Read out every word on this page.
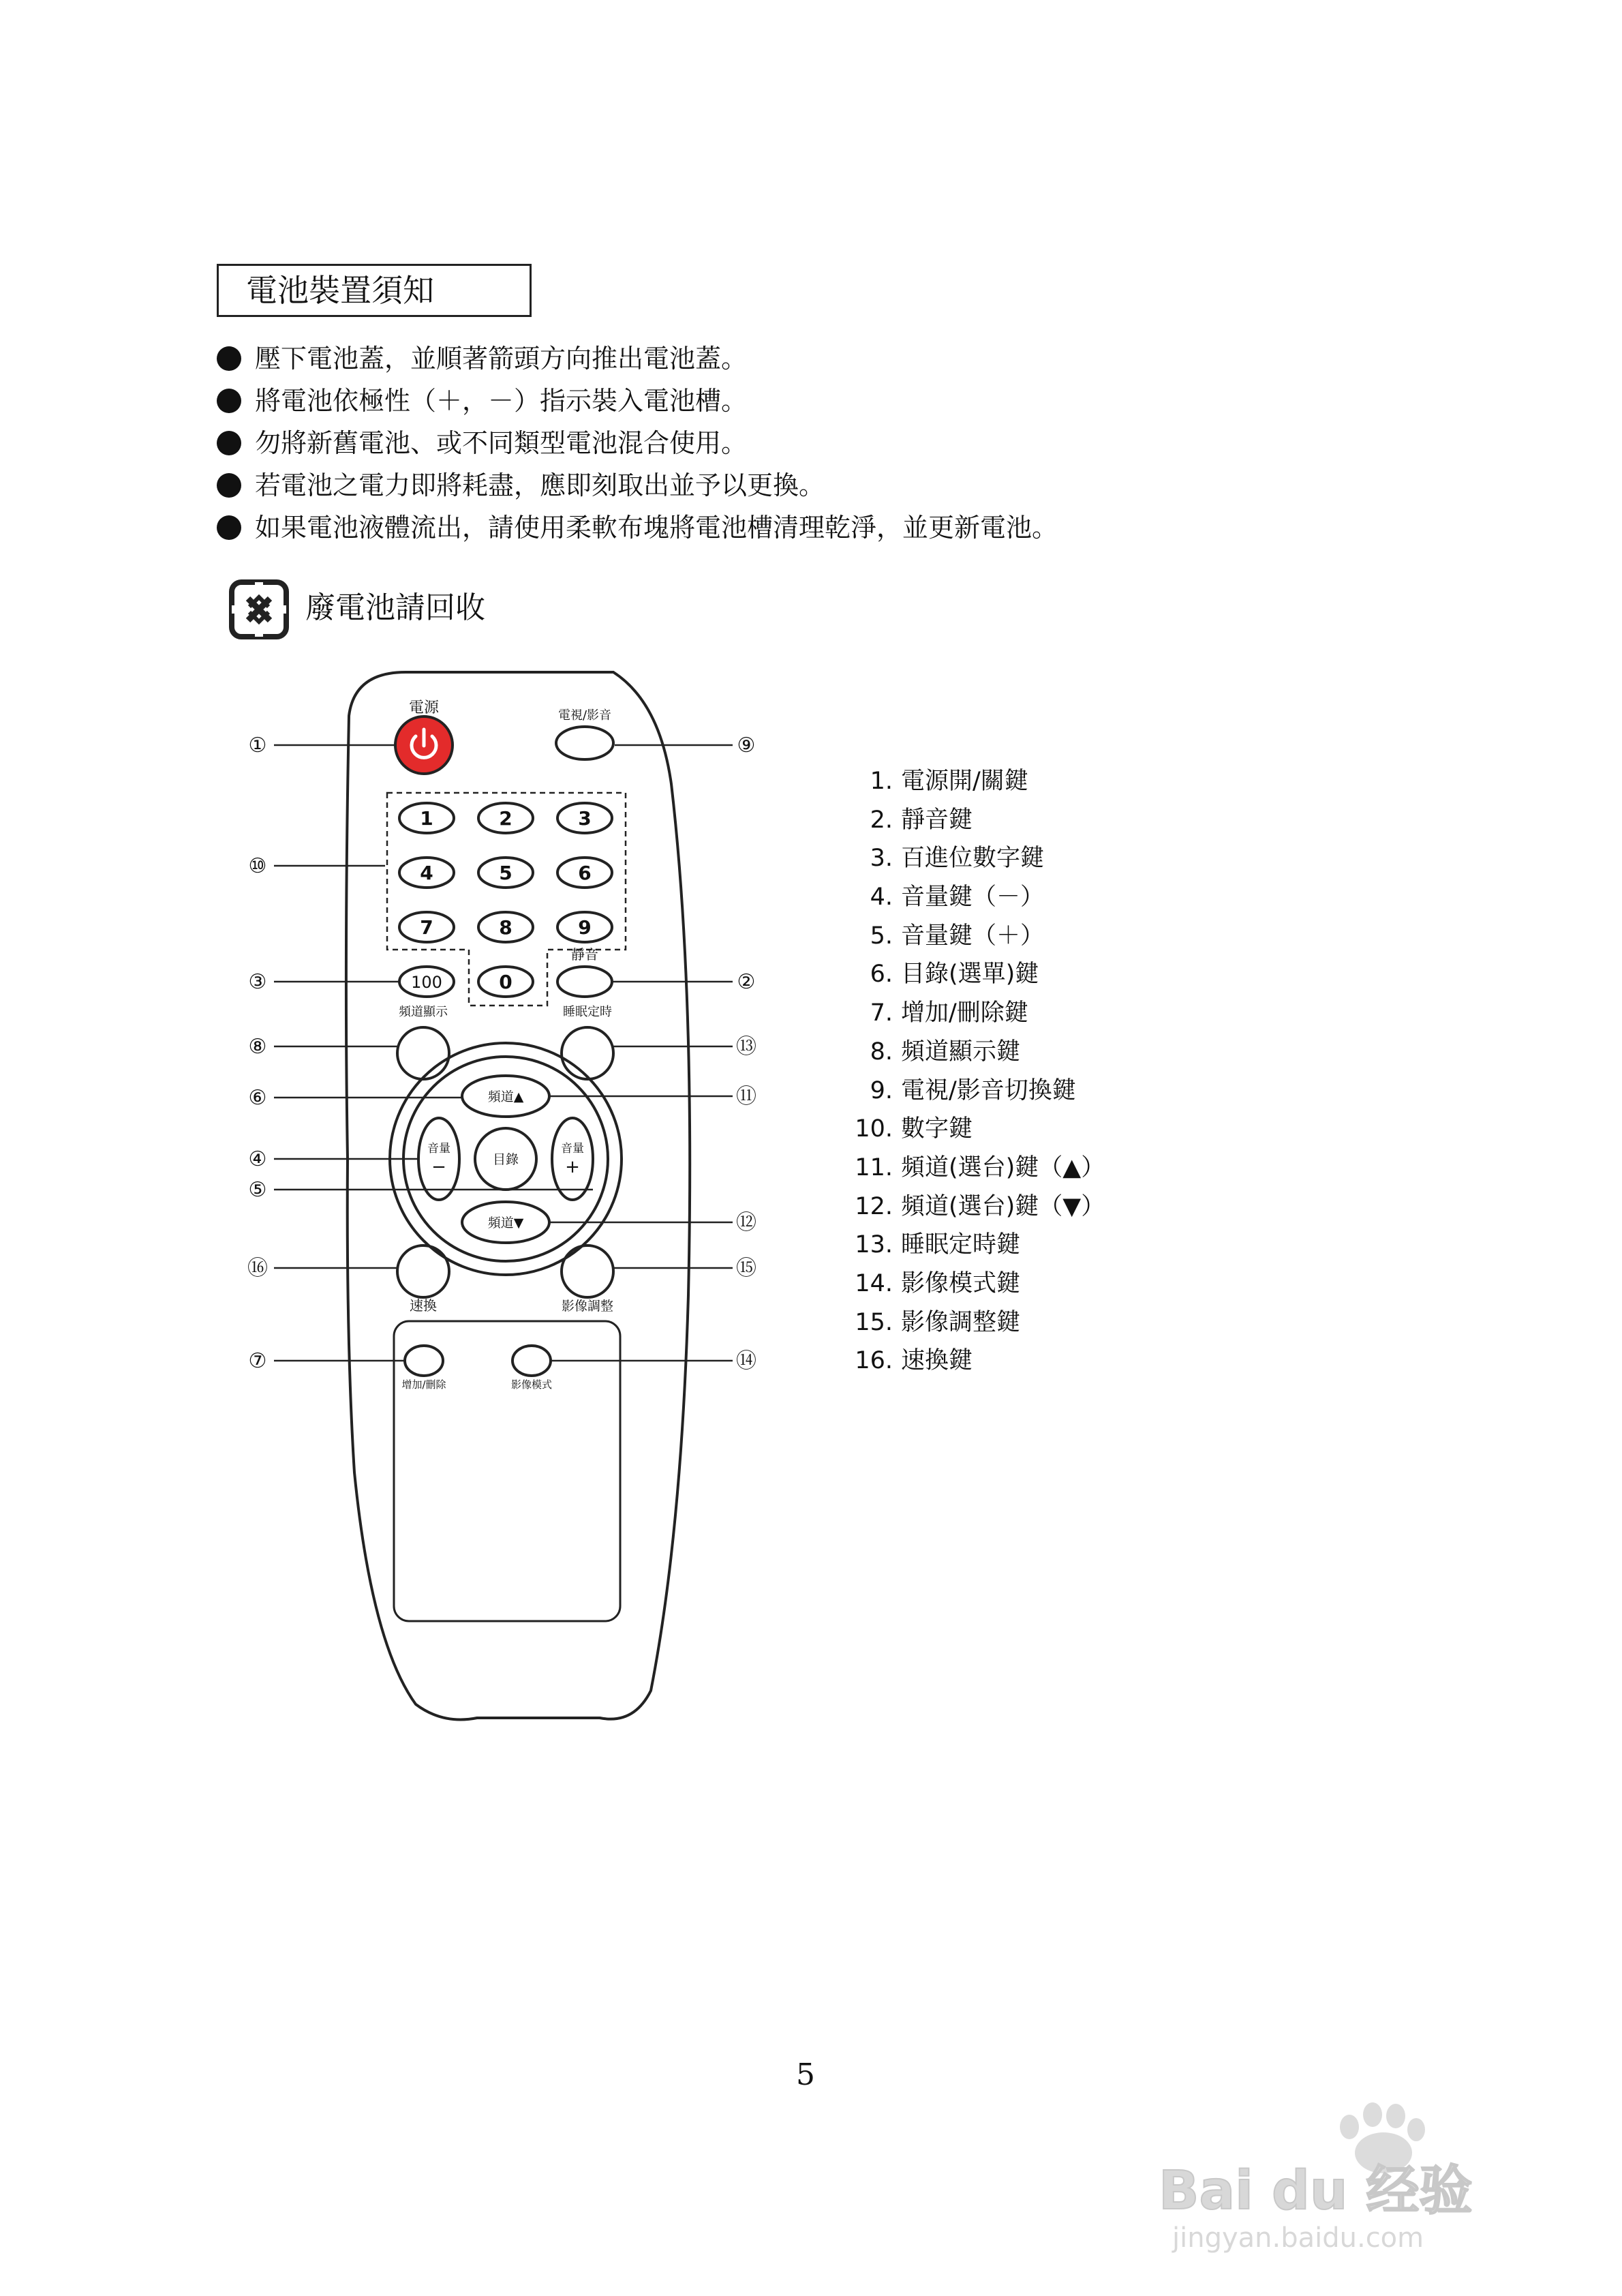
電池裝置須知
壓下電池蓋，並順著箭頭方向推出電池蓋。
將電池依極性（＋，－）指示裝入電池槽。
勿將新舊電池、或不同類型電池混合使用。
若電池之電力即將耗盡，應即刻取出並予以更換。
如果電池液體流出，請使用柔軟布塊將電池槽清理乾淨，並更新電池。
廢電池請回收
電源	電視/影音
1	2	3
4	5	6
7	8	9
0
100
靜音
頻道顯示	睡眠定時
頻道▲
頻道▼
音量
−
音量
+
目錄
速換	影像調整
增加/刪除	影像模式
①	⑨
⑩
③	②
⑧	⑬
⑥	⑪
④
⑤
⑫
⑯	⑮
⑦	⑭
1. 電源開/關鍵
2. 靜音鍵
3. 百進位數字鍵
4. 音量鍵（－）
5. 音量鍵（＋）
6. 目錄(選單)鍵
7. 增加/刪除鍵
8. 頻道顯示鍵
9. 電視/影音切換鍵
10. 數字鍵
11. 頻道(選台)鍵（▲）
12. 頻道(選台)鍵（▼）
13. 睡眠定時鍵
14. 影像模式鍵
15. 影像調整鍵
16. 速換鍵
5
Bai du 经验
jingyan.baidu.com
